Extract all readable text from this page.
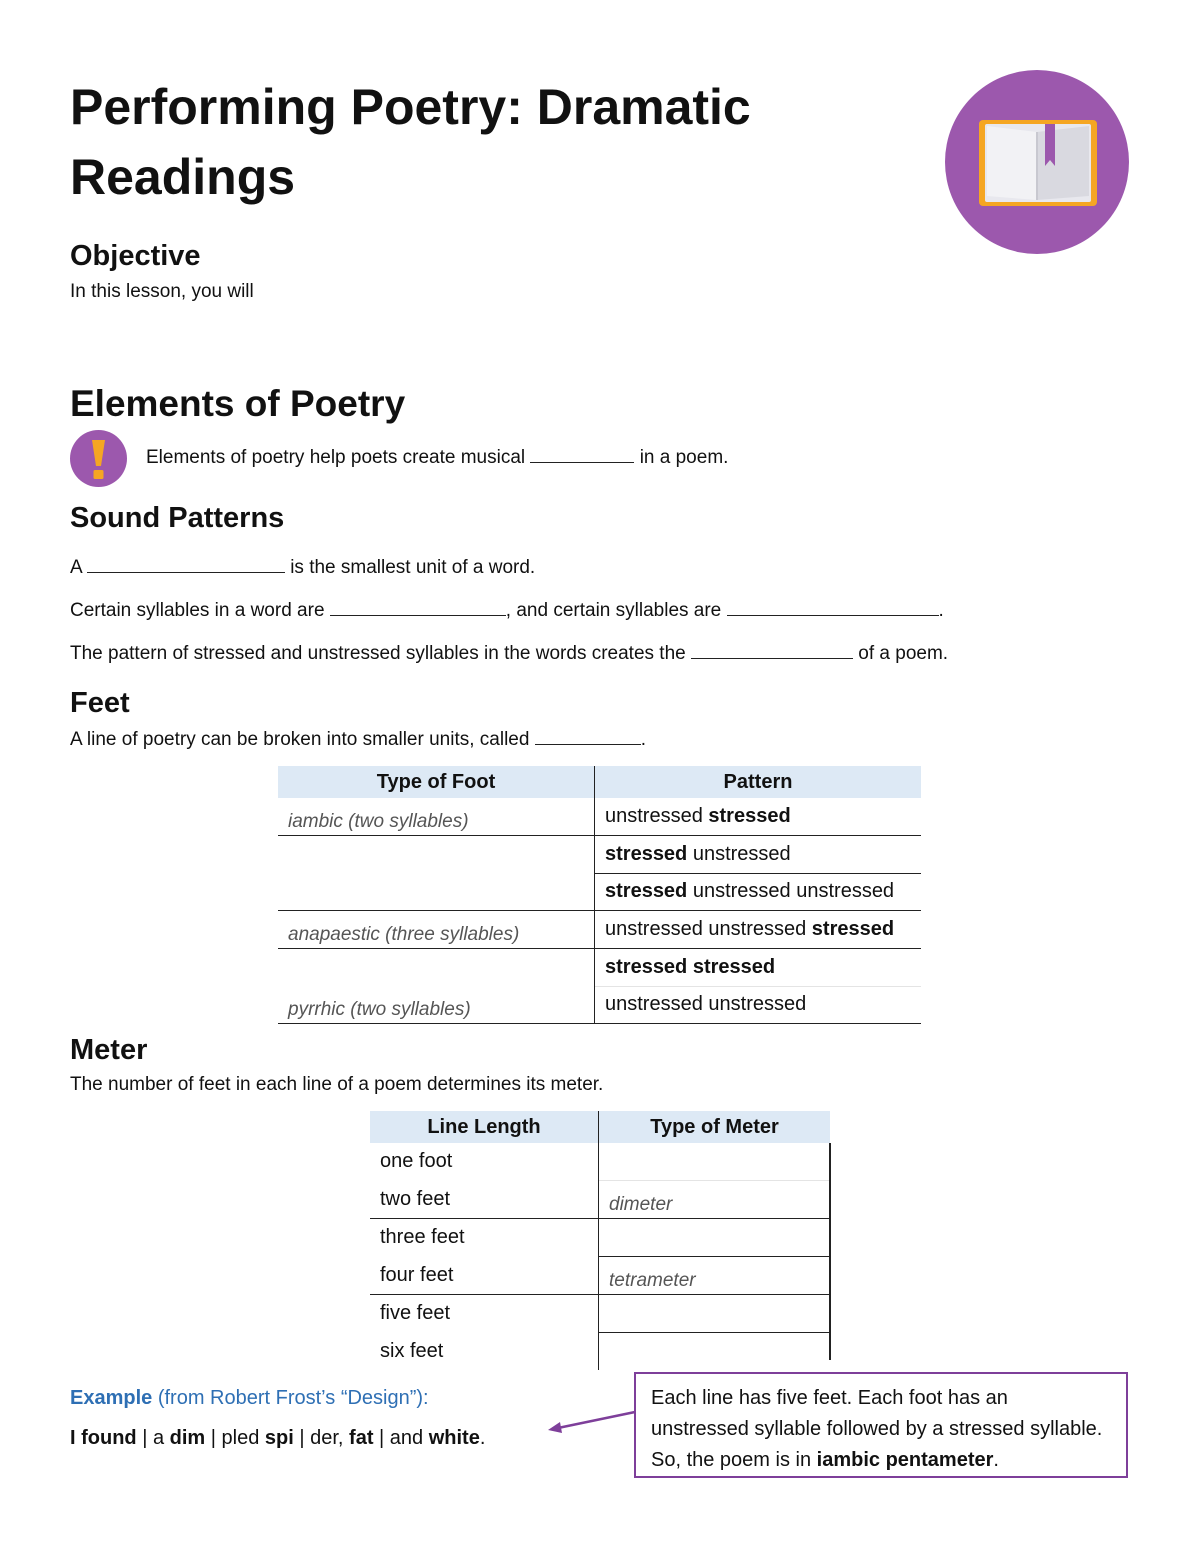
Performing Poetry: Dramatic Readings
Objective

In this lesson, you will

Elements of Poetry

Elements of poetry help poets create musical	in a poem.

Sound Patterns

A	is the smallest unit of a word.

Certain syllables in a word are	, and certain syllables are	.

The pattern of stressed and unstressed syllables in the words creates the	of a poem.

Feet

A line of poetry can be broken into smaller units, called	.

Type of Foot	Pattern
iambic (two syllables)	unstressed stressed
	stressed unstressed
	stressed unstressed unstressed
anapaestic (three syllables)	unstressed unstressed stressed
	stressed stressed
pyrrhic (two syllables)	unstressed unstressed
Meter

The number of feet in each line of a poem determines its meter.

Line Length	Type of Meter
one foot	
two feet	dimeter
three feet	
four feet	tetrameter
five feet	
six feet	

Example (from Robert Frost’s “Design”):

I found | a dim | pled spi | der, fat | and white.

Each line has five feet. Each foot has an unstressed syllable followed by a stressed syllable. So, the poem is in iambic pentameter.
